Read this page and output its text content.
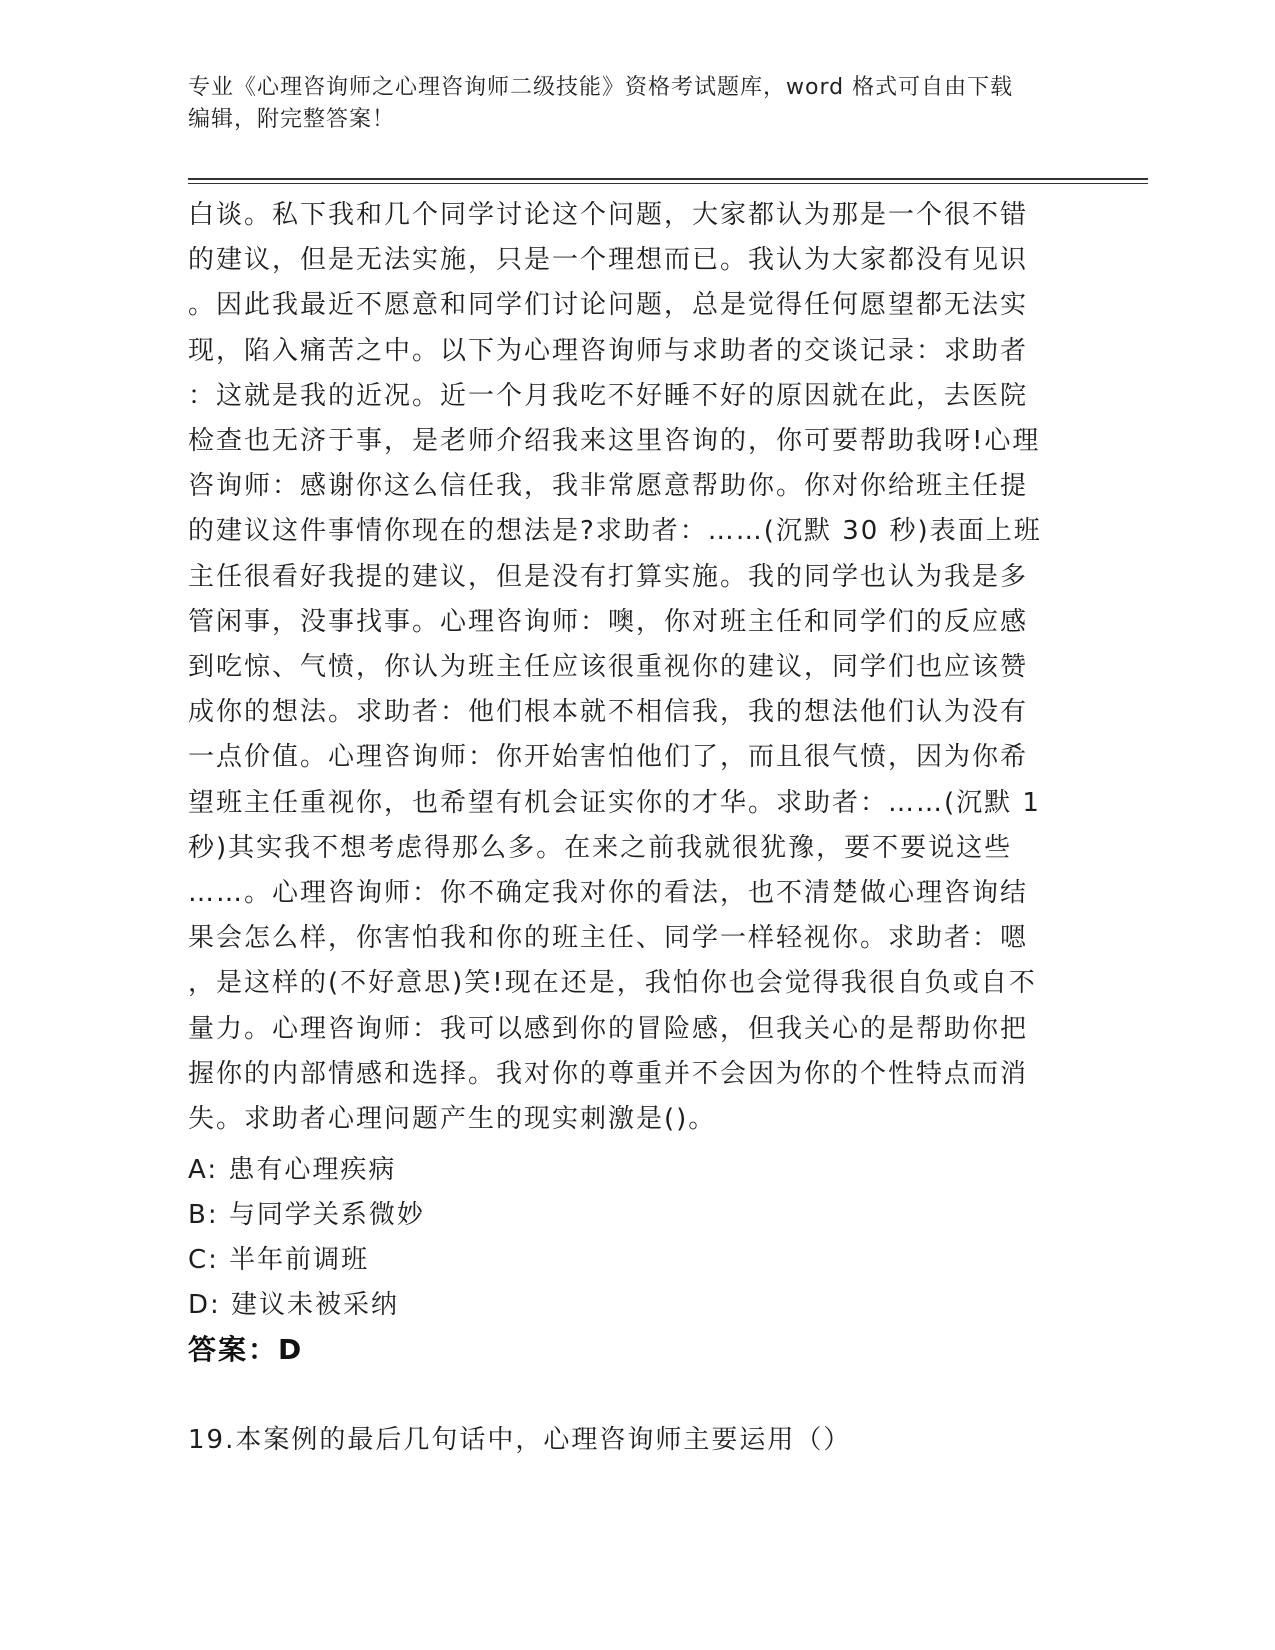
专业《心理咨询师之心理咨询师二级技能》资格考试题库，word 格式可自由下载
编辑，附完整答案！
白谈。私下我和几个同学讨论这个问题，大家都认为那是一个很不错
的建议，但是无法实施，只是一个理想而已。我认为大家都没有见识
。因此我最近不愿意和同学们讨论问题，总是觉得任何愿望都无法实
现，陷入痛苦之中。以下为心理咨询师与求助者的交谈记录：求助者
：这就是我的近况。近一个月我吃不好睡不好的原因就在此，去医院
检查也无济于事，是老师介绍我来这里咨询的，你可要帮助我呀!心理
咨询师：感谢你这么信任我，我非常愿意帮助你。你对你给班主任提
的建议这件事情你现在的想法是?求助者：……(沉默 30 秒)表面上班
主任很看好我提的建议，但是没有打算实施。我的同学也认为我是多
管闲事，没事找事。心理咨询师：噢，你对班主任和同学们的反应感
到吃惊、气愤，你认为班主任应该很重视你的建议，同学们也应该赞
成你的想法。求助者：他们根本就不相信我，我的想法他们认为没有
一点价值。心理咨询师：你开始害怕他们了，而且很气愤，因为你希
望班主任重视你，也希望有机会证实你的才华。求助者：……(沉默 1
秒)其实我不想考虑得那么多。在来之前我就很犹豫，要不要说这些
……。心理咨询师：你不确定我对你的看法，也不清楚做心理咨询结
果会怎么样，你害怕我和你的班主任、同学一样轻视你。求助者：嗯
，是这样的(不好意思)笑!现在还是，我怕你也会觉得我很自负或自不
量力。心理咨询师：我可以感到你的冒险感，但我关心的是帮助你把
握你的内部情感和选择。我对你的尊重并不会因为你的个性特点而消
失。求助者心理问题产生的现实刺激是()。
A: 患有心理疾病
B: 与同学关系微妙
C: 半年前调班
D: 建议未被采纳
答案：D
19.本案例的最后几句话中，心理咨询师主要运用（）
